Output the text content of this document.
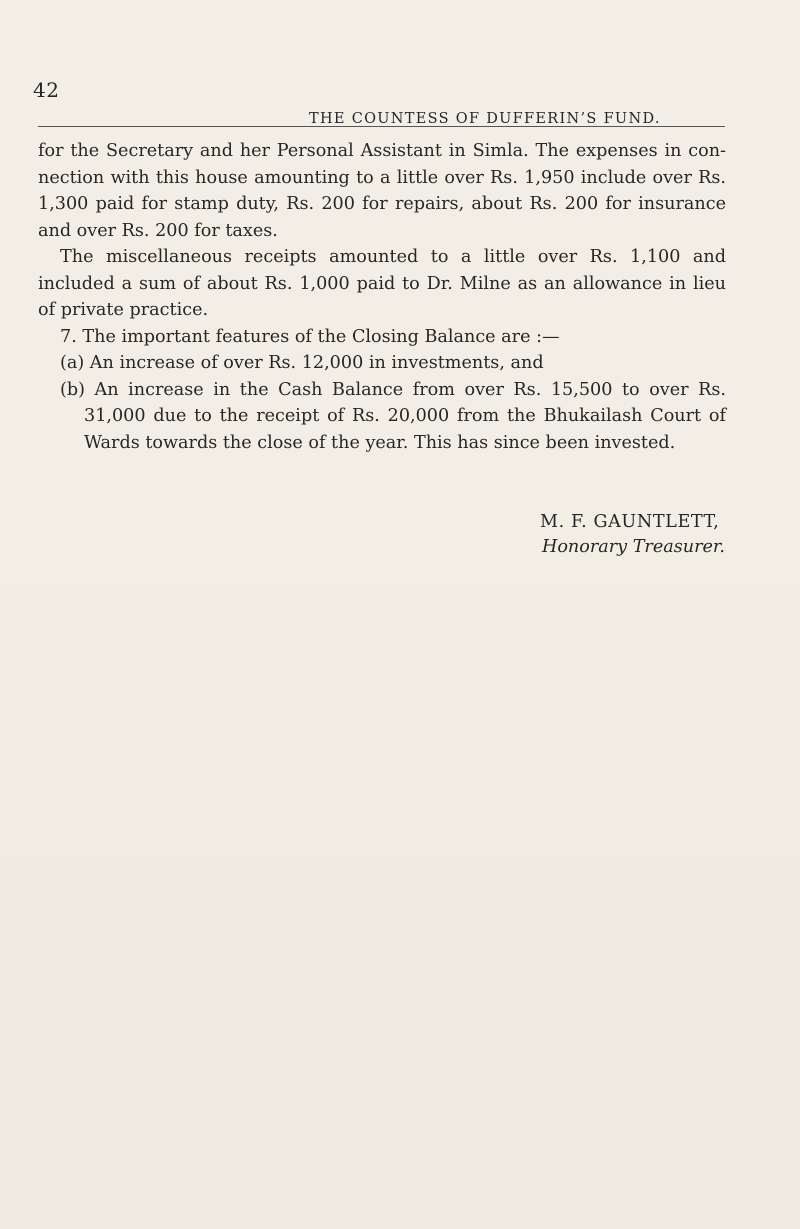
42
THE COUNTESS OF DUFFERIN’S FUND.

for the Secretary and her Personal Assistant in Simla. The expenses in con-nection with this house amounting to a little over Rs. 1,950 include over Rs. 1,300 paid for stamp duty, Rs. 200 for repairs, about Rs. 200 for insurance and over Rs. 200 for taxes.

The miscellaneous receipts amounted to a little over Rs. 1,100 and included a sum of about Rs. 1,000 paid to Dr. Milne as an allowance in lieu of private practice.

7. The important features of the Closing Balance are :—

(a) An increase of over Rs. 12,000 in investments, and

(b) An increase in the Cash Balance from over Rs. 15,500 to over Rs. 31,000 due to the receipt of Rs. 20,000 from the Bhukailash Court of Wards towards the close of the year. This has since been invested.

M. F. GAUNTLETT,
Honorary Treasurer.
